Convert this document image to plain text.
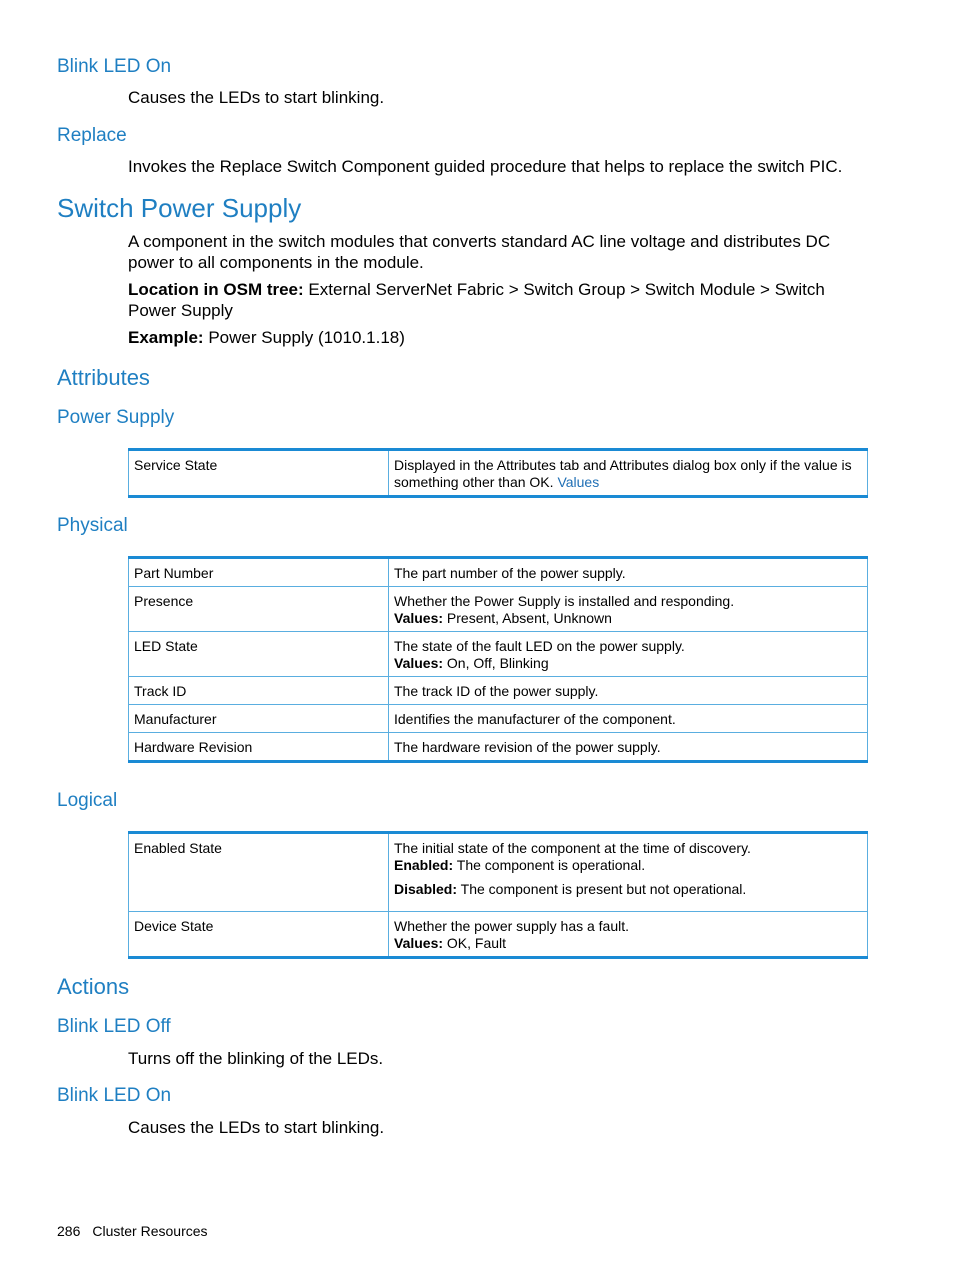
Blink LED On

Causes the LEDs to start blinking.

Replace

Invokes the Replace Switch Component guided procedure that helps to replace the switch PIC.

Switch Power Supply

A component in the switch modules that converts standard AC line voltage and distributes DC power to all components in the module.

Location in OSM tree: External ServerNet Fabric > Switch Group > Switch Module > Switch Power Supply

Example: Power Supply (1010.1.18)

Attributes
Power Supply
Service State	Displayed in the Attributes tab and Attributes dialog box only if the value is something other than OK. Values
Physical
Part Number	The part number of the power supply.
Presence	Whether the Power Supply is installed and responding.
Values: Present, Absent, Unknown

LED State	The state of the fault LED on the power supply.
Values: On, Off, Blinking

Track ID	The track ID of the power supply.
Manufacturer	Identifies the manufacturer of the component.
Hardware Revision	The hardware revision of the power supply.
Logical
Enabled State	The initial state of the component at the time of discovery.
Enabled: The component is operational.
Disabled: The component is present but not operational.

Device State	Whether the power supply has a fault.
Values: OK, Fault
Actions
Blink LED Off

Turns off the blinking of the LEDs.

Blink LED On

Causes the LEDs to start blinking.

286 Cluster Resources
